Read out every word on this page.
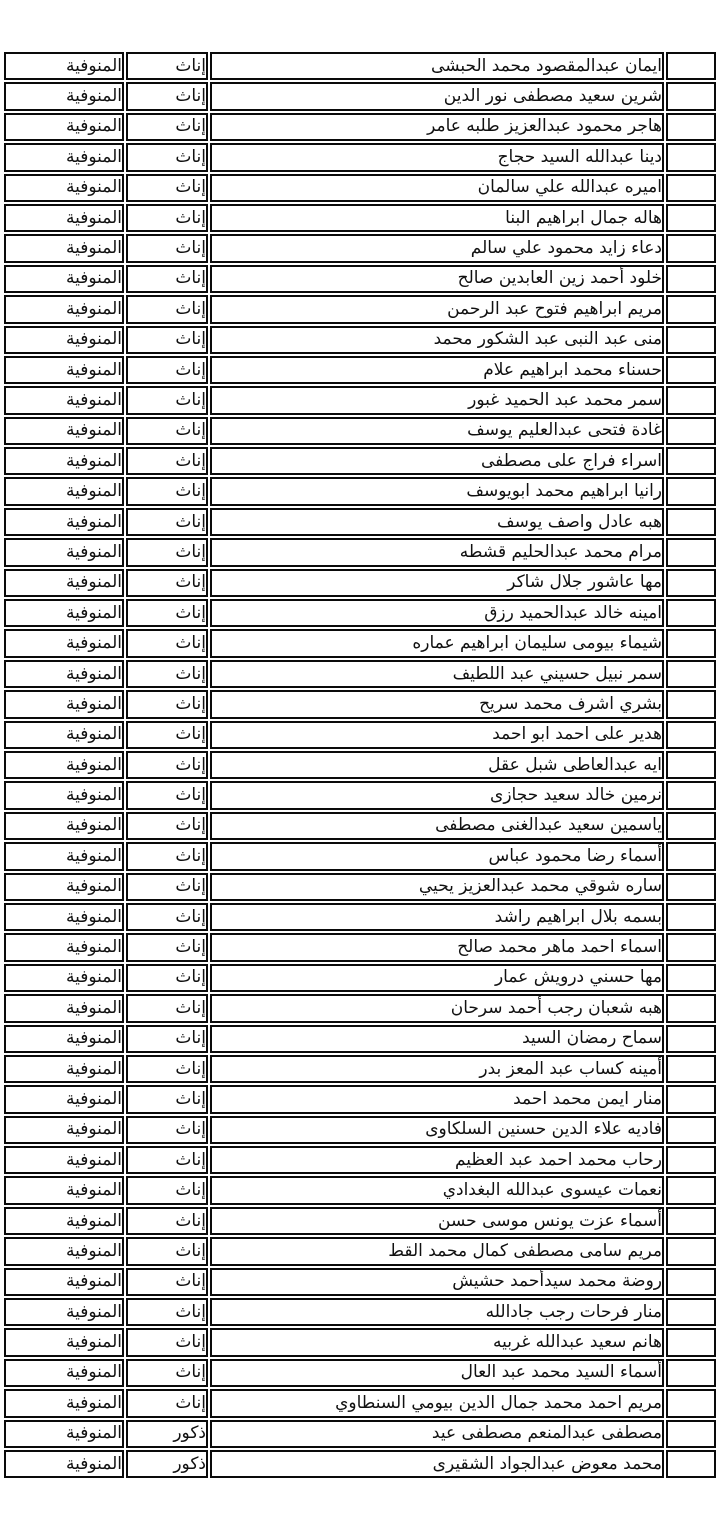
	ايمان عبدالمقصود محمد الحبشى	إناث	المنوفية
	شرين سعيد مصطفى نور الدين	إناث	المنوفية
	هاجر محمود عبدالعزيز طلبه عامر	إناث	المنوفية
	دينا عبدالله السيد حجاج	إناث	المنوفية
	اميره عبدالله علي سالمان	إناث	المنوفية
	هاله جمال ابراهيم البنا	إناث	المنوفية
	دعاء زايد محمود علي سالم	إناث	المنوفية
	خلود أحمد زين العابدين صالح	إناث	المنوفية
	مريم ابراهيم فتوح عبد الرحمن	إناث	المنوفية
	منى عبد النبى عبد الشكور محمد	إناث	المنوفية
	حسناء محمد ابراهيم علام	إناث	المنوفية
	سمر محمد عبد الحميد غبور	إناث	المنوفية
	غادة فتحى عبدالعليم يوسف	إناث	المنوفية
	اسراء فراج على مصطفى	إناث	المنوفية
	رانيا ابراهيم محمد ابويوسف	إناث	المنوفية
	هبه عادل واصف يوسف	إناث	المنوفية
	مرام محمد عبدالحليم قشطه	إناث	المنوفية
	مها عاشور جلال شاكر	إناث	المنوفية
	امينه خالد عبدالحميد رزق	إناث	المنوفية
	شيماء بيومى سليمان ابراهيم عماره	إناث	المنوفية
	سمر نبيل حسيني عبد اللطيف	إناث	المنوفية
	بشري اشرف محمد سريح	إناث	المنوفية
	هدير على احمد ابو احمد	إناث	المنوفية
	ايه عبدالعاطى شبل عقل	إناث	المنوفية
	نرمين خالد سعيد حجازى	إناث	المنوفية
	ياسمين سعيد عبدالغنى مصطفى	إناث	المنوفية
	أسماء رضا محمود عباس	إناث	المنوفية
	ساره شوقي محمد عبدالعزيز يحيي	إناث	المنوفية
	بسمه بلال ابراهيم راشد	إناث	المنوفية
	اسماء احمد ماهر محمد صالح	إناث	المنوفية
	مها حسني درويش عمار	إناث	المنوفية
	هبه شعبان رجب أحمد سرحان	إناث	المنوفية
	سماح رمضان السيد	إناث	المنوفية
	أمينه كساب عبد المعز بدر	إناث	المنوفية
	منار ايمن محمد احمد	إناث	المنوفية
	فاديه علاء الدين حسنين السلكاوى	إناث	المنوفية
	رحاب محمد احمد عبد العظيم	إناث	المنوفية
	نعمات عيسوى عبدالله البغدادي	إناث	المنوفية
	أسماء عزت يونس موسى حسن	إناث	المنوفية
	مريم سامى مصطفى كمال محمد القط	إناث	المنوفية
	روضة محمد سيدأحمد حشيش	إناث	المنوفية
	منار فرحات رجب جادالله	إناث	المنوفية
	هانم سعيد عبدالله غربيه	إناث	المنوفية
	أسماء السيد محمد عبد العال	إناث	المنوفية
	مريم احمد محمد جمال الدين بيومي السنطاوي	إناث	المنوفية
	مصطفى عبدالمنعم مصطفى عيد	ذكور	المنوفية
	محمد معوض عبدالجواد الشقيرى	ذكور	المنوفية
